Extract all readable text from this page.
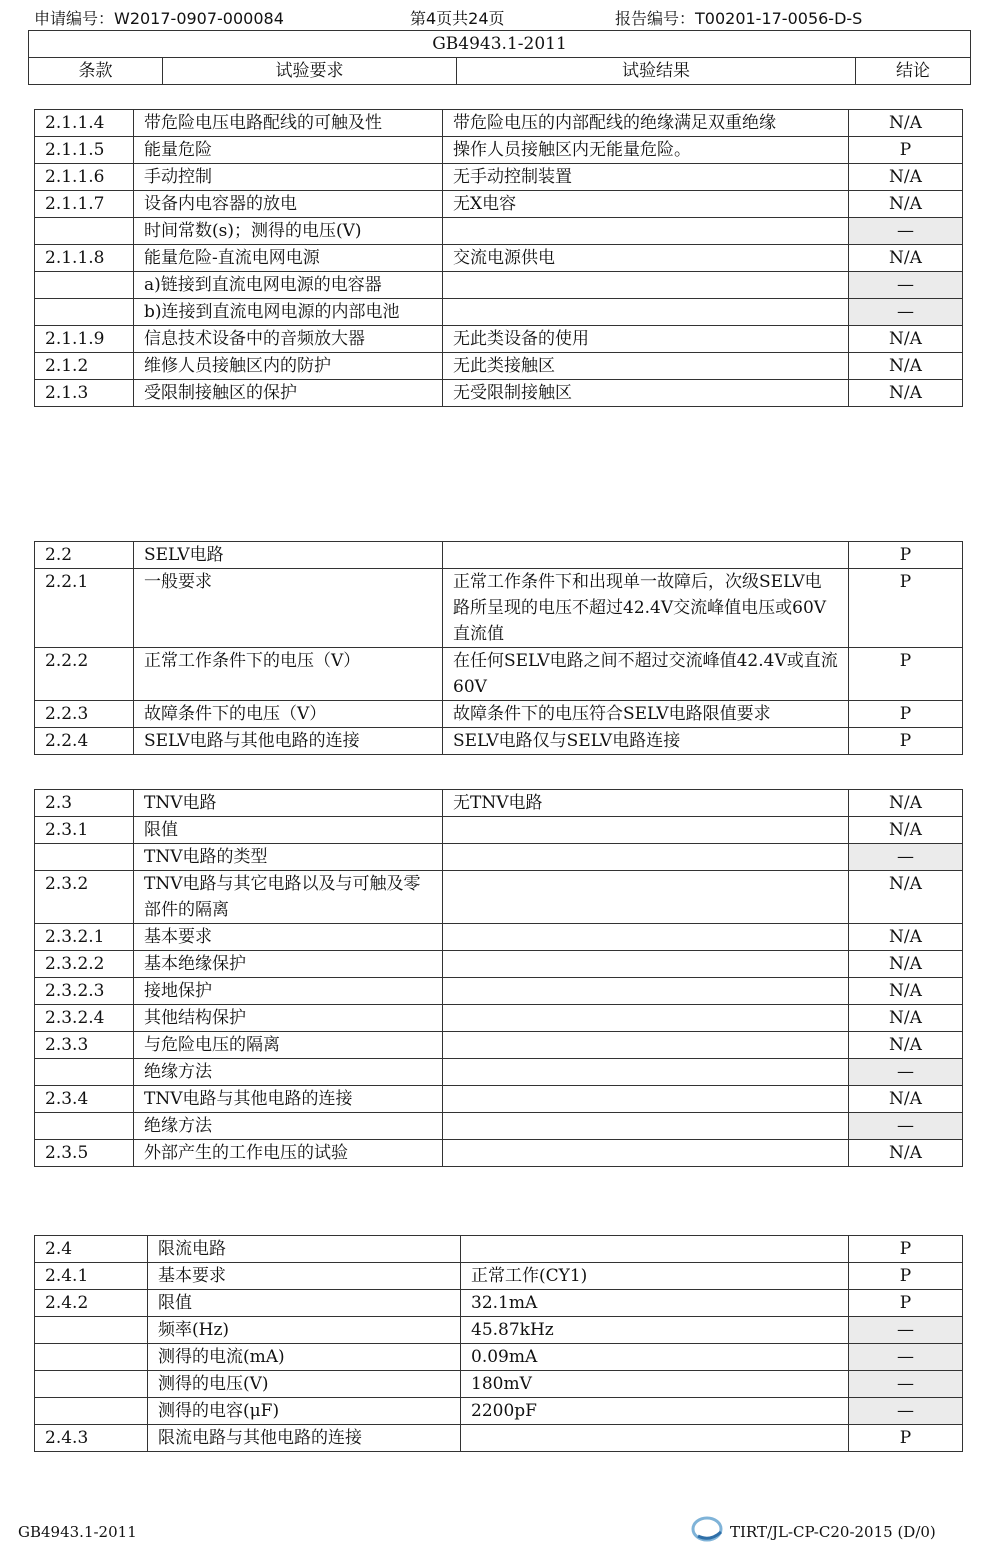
申请编号：W2017-0907-000084	第4页共24页	报告编号：T00201-17-0056-D-S
GB4943.1-2011
条款	试验要求	试验结果	结论
2.1.1.4	带危险电压电路配线的可触及性	带危险电压的内部配线的绝缘满足双重绝缘	N/A
2.1.1.5	能量危险	操作人员接触区内无能量危险。	P
2.1.1.6	手动控制	无手动控制装置	N/A
2.1.1.7	设备内电容器的放电	无X电容	N/A
	时间常数(s)；测得的电压(V)		—
2.1.1.8	能量危险-直流电网电源	交流电源供电	N/A
	a)链接到直流电网电源的电容器		—
	b)连接到直流电网电源的内部电池		—
2.1.1.9	信息技术设备中的音频放大器	无此类设备的使用	N/A
2.1.2	维修人员接触区内的防护	无此类接触区	N/A
2.1.3	受限制接触区的保护	无受限制接触区	N/A
2.2	SELV电路		P
2.2.1	一般要求	正常工作条件下和出现单一故障后，次级SELV电路所呈现的电压不超过42.4V交流峰值电压或60V直流值	P
2.2.2	正常工作条件下的电压（V）	在任何SELV电路之间不超过交流峰值42.4V或直流60V	P
2.2.3	故障条件下的电压（V）	故障条件下的电压符合SELV电路限值要求	P
2.2.4	SELV电路与其他电路的连接	SELV电路仅与SELV电路连接	P
2.3	TNV电路	无TNV电路	N/A
2.3.1	限值		N/A
	TNV电路的类型		—
2.3.2	TNV电路与其它电路以及与可触及零部件的隔离		N/A
2.3.2.1	基本要求		N/A
2.3.2.2	基本绝缘保护		N/A
2.3.2.3	接地保护		N/A
2.3.2.4	其他结构保护		N/A
2.3.3	与危险电压的隔离		N/A
	绝缘方法		—
2.3.4	TNV电路与其他电路的连接		N/A
	绝缘方法		—
2.3.5	外部产生的工作电压的试验		N/A
2.4	限流电路		P
2.4.1	基本要求	正常工作(CY1)	P
2.4.2	限值	32.1mA	P
	频率(Hz)	45.87kHz	—
	测得的电流(mA)	0.09mA	—
	测得的电压(V)	180mV	—
	测得的电容(μF)	2200pF	—
2.4.3	限流电路与其他电路的连接		P
GB4943.1-2011	TIRT/JL-CP-C20-2015 (D/0)
